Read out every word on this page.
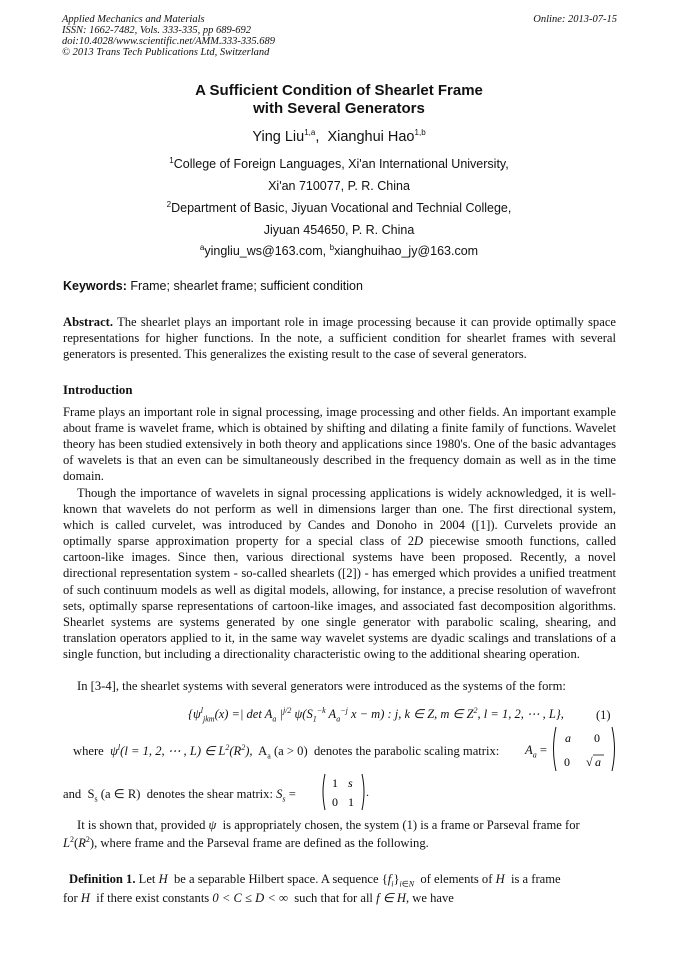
Applied Mechanics and Materials
ISSN: 1662-7482, Vols. 333-335, pp 689-692
doi:10.4028/www.scientific.net/AMM.333-335.689
© 2013 Trans Tech Publications Ltd, Switzerland
Online: 2013-07-15
A Sufficient Condition of Shearlet Frame
with Several Generators
Ying Liu$^{1,a}$,  Xianghui Hao$^{1,b}$
$^1$College of Foreign Languages, Xi'an International University,
Xi'an 710077, P. R. China
$^2$Department of Basic, Jiyuan Vocational and Technial College,
Jiyuan 454650, P. R. China
$^a$yingliu_ws@163.com, $^b$xianghuihao_jy@163.com
Keywords: Frame; shearlet frame; sufficient condition
Abstract. The shearlet plays an important role in image processing because it can provide optimally space representations for higher functions. In the note, a sufficient condition for shearlet frames with several generators is presented. This generalizes the existing result to the case of several generators.
Introduction
Frame plays an important role in signal processing, image processing and other fields. An important example about frame is wavelet frame, which is obtained by shifting and dilating a finite family of functions. Wavelet theory has been studied extensively in both theory and applications since 1980's. One of the basic advantages of wavelets is that an even can be simultaneously described in the frequency domain as well as in the time domain.
Though the importance of wavelets in signal processing applications is widely acknowledged, it is well-known that wavelets do not perform as well in dimensions larger than one. The first directional system, which is called curvelet, was introduced by Candes and Donoho in 2004 ([1]). Curvelets provide an optimally sparse approximation property for a special class of 2D piecewise smooth functions, called cartoon-like images. Since then, various directional systems have been proposed. Recently, a novel directional representation system - so-called shearlets ([2]) - has emerged which provides a unified treatment of such continuum models as well as digital models, allowing, for instance, a precise resolution of wavefront sets, optimally sparse representations of cartoon-like images, and associated fast decomposition algorithms. Shearlet systems are systems generated by one single generator with parabolic scaling, shearing, and translation operators applied to it, in the same way wavelet systems are dyadic scalings and translations of a single function, but including a directionality characteristic owing to the additional shearing operation.
In [3-4], the shearlet systems with several generators were introduced as the systems of the form:
{$\psi^l_{jkm}(x)$ =| $\det A_a$ $|^{j/2}$ $\psi(S_1^{-k}$ $A_a^{-j}$ x − m) : j, k ∈ Z, m ∈ $Z^2$, l = 1, 2, ⋯ , L},	(1)
where  $\psi^l(l = 1$, 2, ⋯ , L) ∈ $L^2(R^2)$,  $A_a$ (a > 0)  denotes the parabolic scaling matrix: $A_a$ =
a 0
0 √ a
and  $S_s$ (a ∈ R)  denotes the shear matrix: $S_s$ =
1 s
0 1
.
It is shown that, provided ψ is appropriately chosen, the system (1) is a frame or Parseval frame for
$L^2(R^2)$, where frame and the Parseval frame are defined as the following.
Definition 1. Let H be a separable Hilbert space. A sequence $\{f_i\}_{i\in N}$ of elements of H is a frame
for H if there exist constants 0 < C ≤ D < ∞ such that for all f ∈ H, we have
